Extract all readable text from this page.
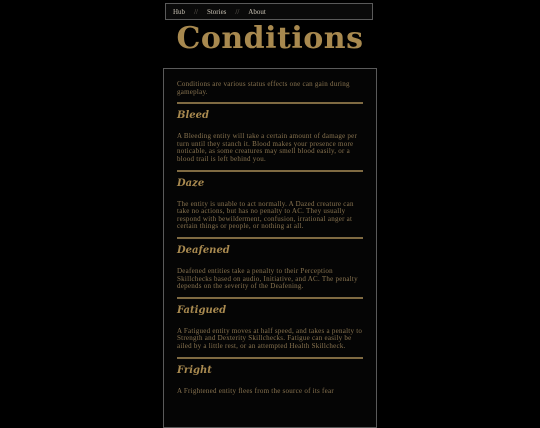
Hub // Stories // About
Conditions

Conditions are various status effects one can gain during gameplay.

Bleed

A Bleeding entity will take a certain amount of damage per turn until they stanch it. Blood makes your presence more noticable, as some creatures may smell blood easily, or a blood trail is left behind you.

Daze

The entity is unable to act normally. A Dazed creature can take no actions, but has no penalty to AC. They usually respond with bewilderment, confusion, irrational anger at certain things or people, or nothing at all.

Deafened

Deafened entities take a penalty to their Perception Skillchecks based on audio, Initiative, and AC. The penalty depends on the severity of the Deafening.

Fatigued

A Fatigued entity moves at half speed, and takes a penalty to Strength and Dexterity Skillchecks. Fatigue can easily be ailed by a little rest, or an attempted Health Skillcheck.

Fright

A Frightened entity flees from the source of its fear
